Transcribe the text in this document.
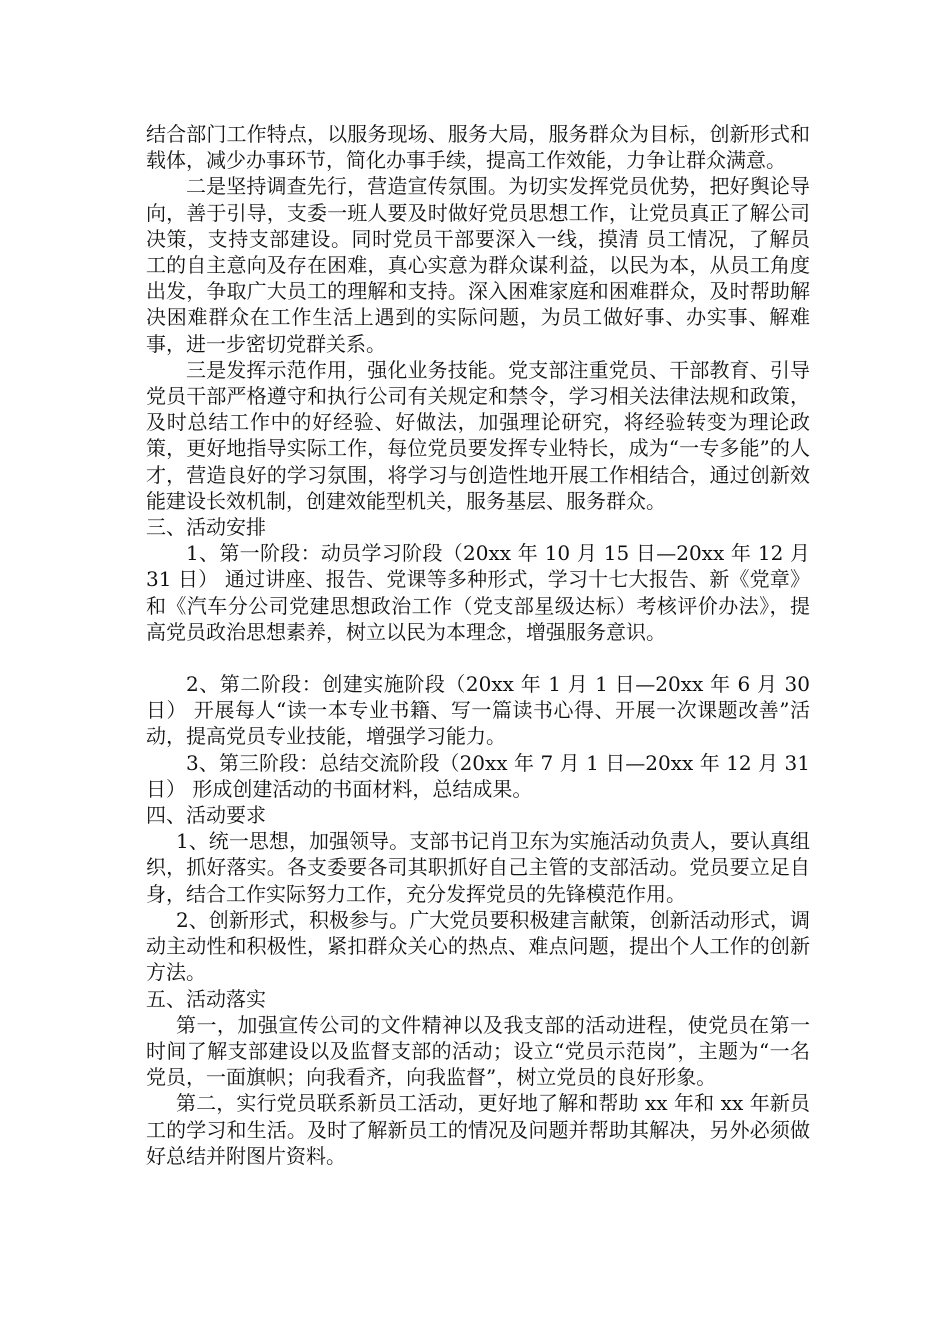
结合部门工作特点，以服务现场、服务大局，服务群众为目标，创新形式和载体，减少办事环节，简化办事手续，提高工作效能，力争让群众满意。

二是坚持调查先行，营造宣传氛围。为切实发挥党员优势，把好舆论导向，善于引导，支委一班人要及时做好党员思想工作，让党员真正了解公司决策，支持支部建设。同时党员干部要深入一线，摸清 员工情况，了解员工的自主意向及存在困难，真心实意为群众谋利益，以民为本，从员工角度出发，争取广大员工的理解和支持。深入困难家庭和困难群众，及时帮助解决困难群众在工作生活上遇到的实际问题，为员工做好事、办实事、解难事，进一步密切党群关系。

三是发挥示范作用，强化业务技能。党支部注重党员、干部教育、引导党员干部严格遵守和执行公司有关规定和禁令，学习相关法律法规和政策，及时总结工作中的好经验、好做法，加强理论研究，将经验转变为理论政策，更好地指导实际工作，每位党员要发挥专业特长，成为“一专多能”的人才，营造良好的学习氛围，将学习与创造性地开展工作相结合，通过创新效能建设长效机制，创建效能型机关，服务基层、服务群众。

三、活动安排

1、第一阶段：动员学习阶段（20xx 年 10 月 15 日—20xx 年 12 月31 日） 通过讲座、报告、党课等多种形式，学习十七大报告、新《党章》和《汽车分公司党建思想政治工作（党支部星级达标）考核评价办法》，提高党员政治思想素养，树立以民为本理念，增强服务意识。

2、第二阶段：创建实施阶段（20xx 年 1 月 1 日—20xx 年 6 月 30日） 开展每人“读一本专业书籍、写一篇读书心得、开展一次课题改善”活动，提高党员专业技能，增强学习能力。

3、第三阶段：总结交流阶段（20xx 年 7 月 1 日—20xx 年 12 月 31 日） 形成创建活动的书面材料，总结成果。

四、活动要求

1、统一思想，加强领导。支部书记肖卫东为实施活动负责人，要认真组织，抓好落实。各支委要各司其职抓好自己主管的支部活动。党员要立足自身，结合工作实际努力工作，充分发挥党员的先锋模范作用。

2、创新形式，积极参与。广大党员要积极建言献策，创新活动形式，调动主动性和积极性，紧扣群众关心的热点、难点问题，提出个人工作的创新方法。

五、活动落实

第一，加强宣传公司的文件精神以及我支部的活动进程，使党员在第一时间了解支部建设以及监督支部的活动；设立“党员示范岗”，主题为“一名党员，一面旗帜；向我看齐，向我监督”，树立党员的良好形象。

第二，实行党员联系新员工活动，更好地了解和帮助 xx 年和 xx 年新员工的学习和生活。及时了解新员工的情况及问题并帮助其解决，另外必须做好总结并附图片资料。
